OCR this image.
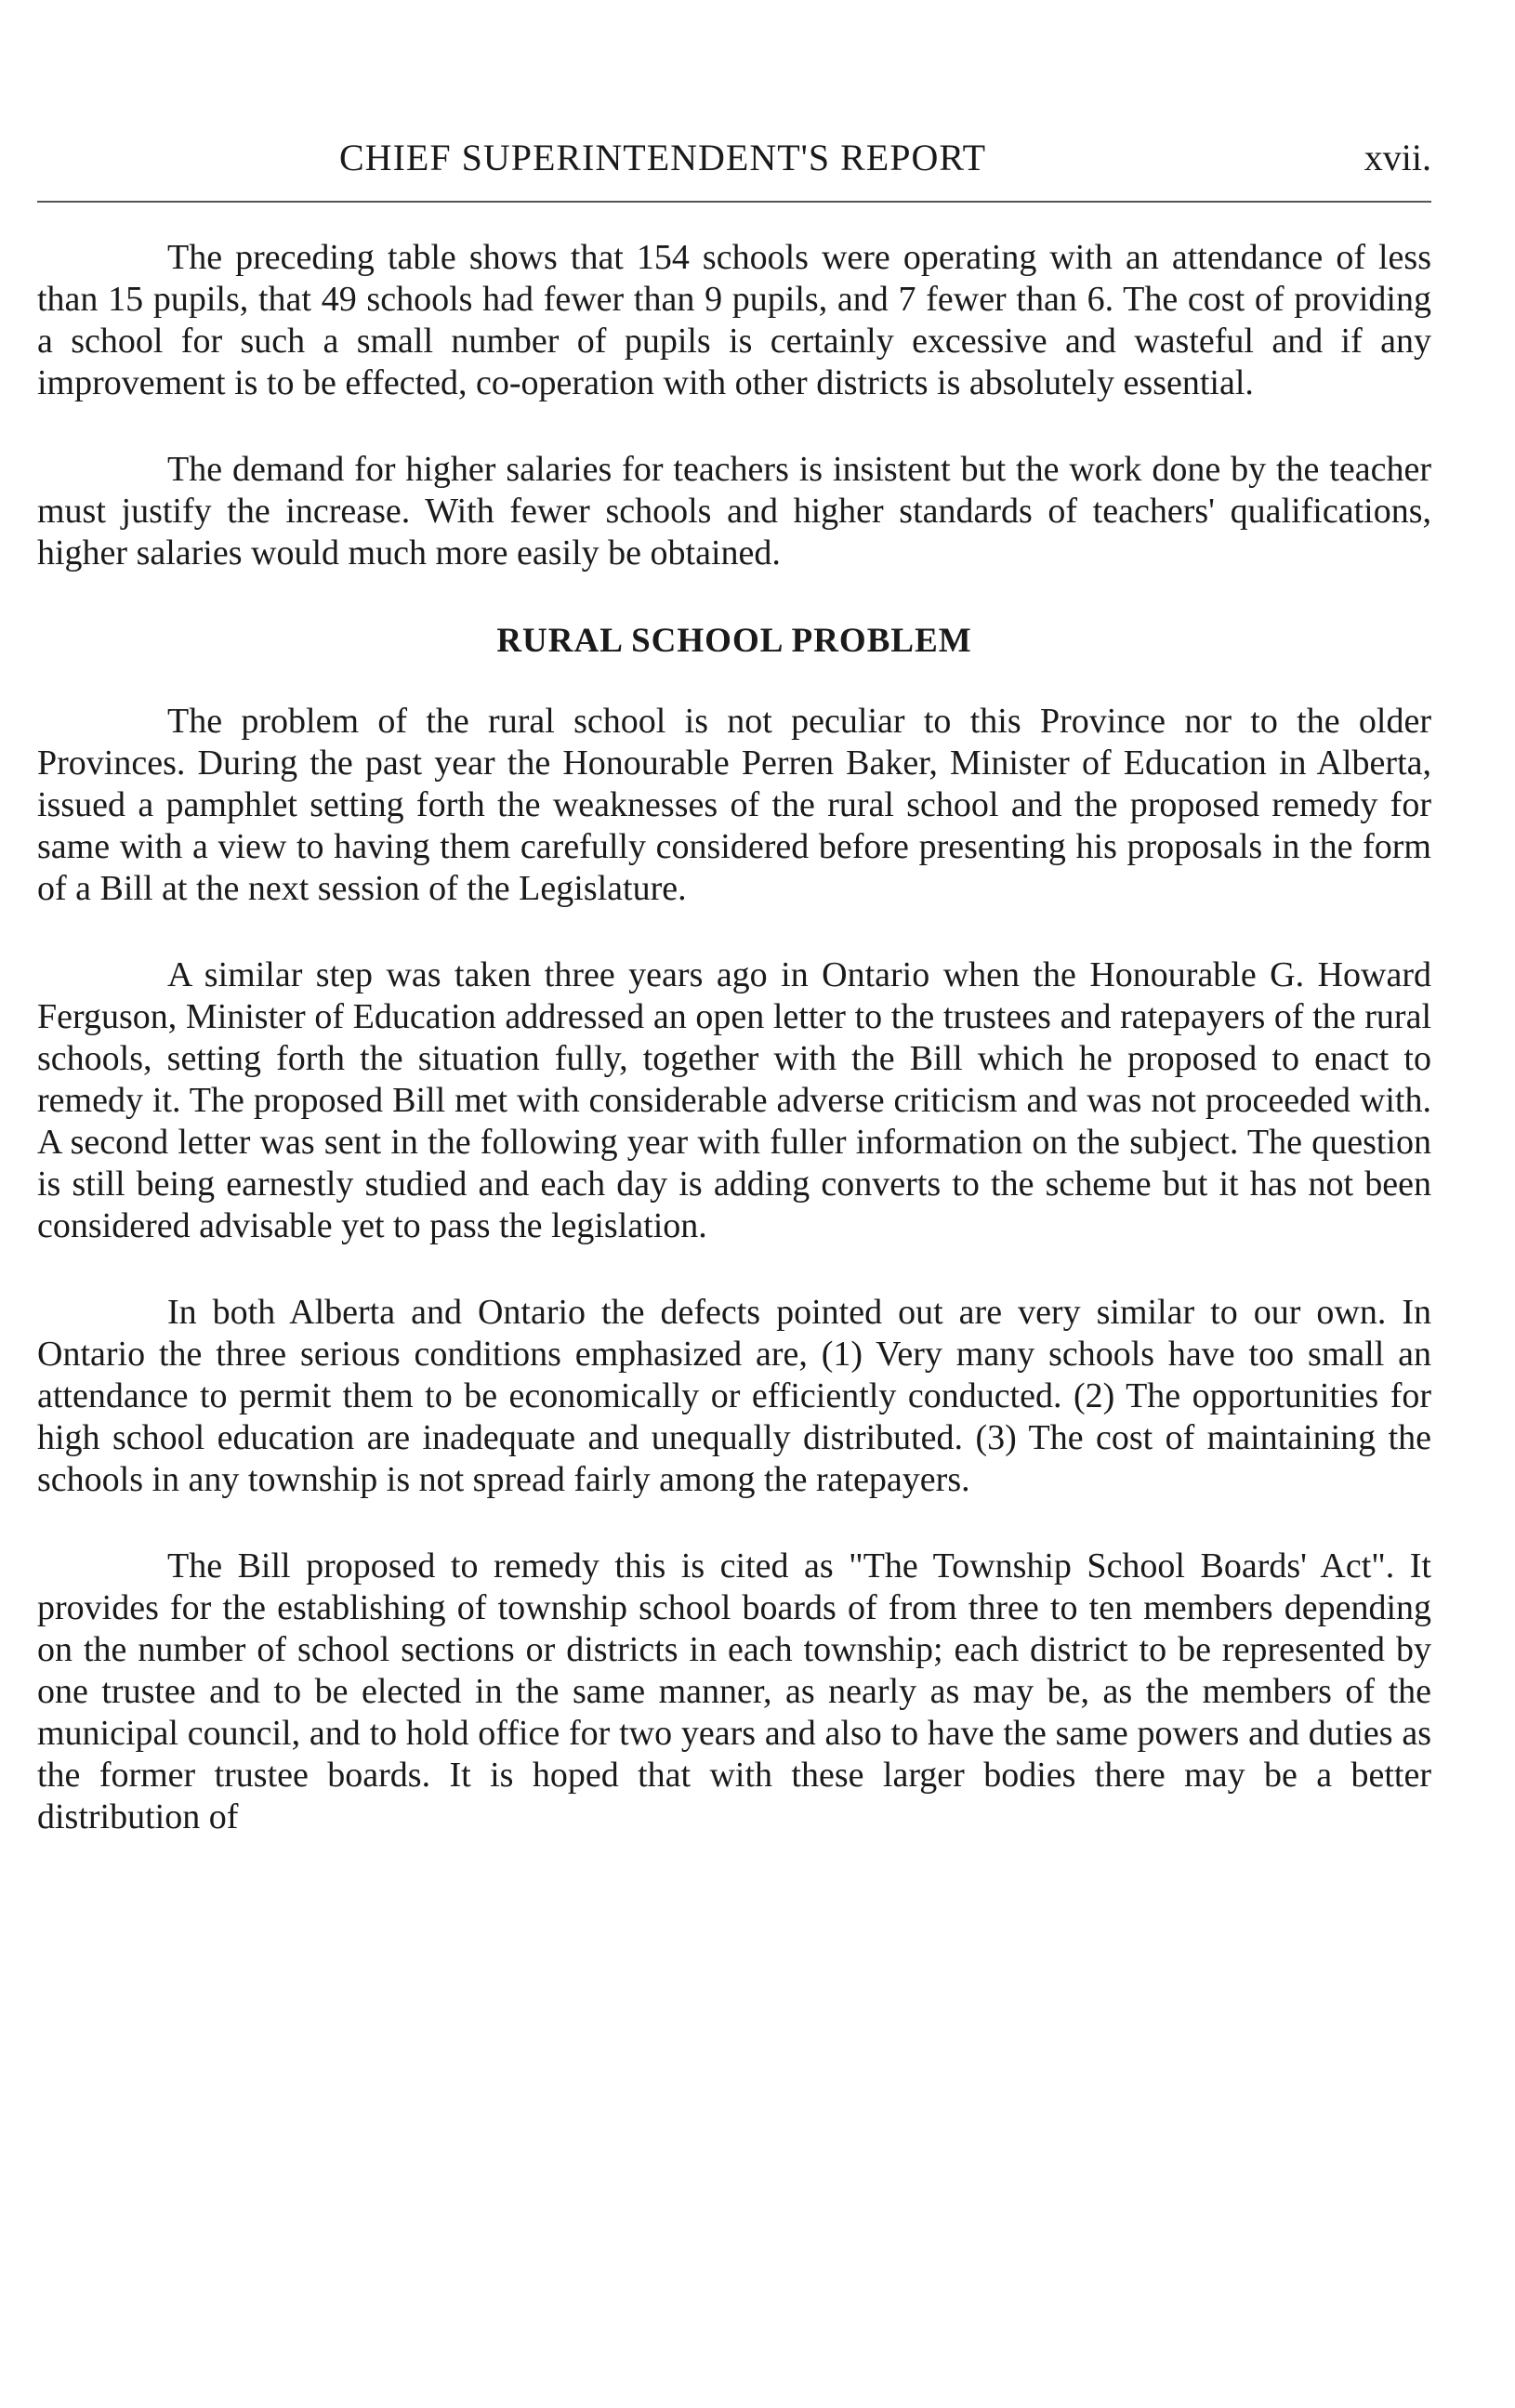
CHIEF SUPERINTENDENT'S REPORT	xvii.

The preceding table shows that 154 schools were operating with an attendance of less than 15 pupils, that 49 schools had fewer than 9 pupils, and 7 fewer than 6. The cost of providing a school for such a small number of pupils is certainly excessive and wasteful and if any improvement is to be effected, co-operation with other districts is absolutely essential.

The demand for higher salaries for teachers is insistent but the work done by the teacher must justify the increase. With fewer schools and higher standards of teachers' qualifications, higher salaries would much more easily be obtained.

RURAL SCHOOL PROBLEM

The problem of the rural school is not peculiar to this Province nor to the older Provinces. During the past year the Honourable Perren Baker, Minister of Education in Alberta, issued a pamphlet setting forth the weaknesses of the rural school and the proposed remedy for same with a view to having them carefully considered before presenting his proposals in the form of a Bill at the next session of the Legislature.

A similar step was taken three years ago in Ontario when the Honourable G. Howard Ferguson, Minister of Education addressed an open letter to the trustees and ratepayers of the rural schools, setting forth the situation fully, together with the Bill which he proposed to enact to remedy it. The proposed Bill met with considerable adverse criticism and was not proceeded with. A second letter was sent in the following year with fuller information on the subject. The question is still being earnestly studied and each day is adding converts to the scheme but it has not been considered advisable yet to pass the legislation.

In both Alberta and Ontario the defects pointed out are very similar to our own. In Ontario the three serious conditions emphasized are, (1) Very many schools have too small an attendance to permit them to be economically or efficiently conducted. (2) The opportunities for high school education are inadequate and unequally distributed. (3) The cost of maintaining the schools in any township is not spread fairly among the ratepayers.

The Bill proposed to remedy this is cited as "The Township School Boards' Act". It provides for the establishing of township school boards of from three to ten members depending on the number of school sections or districts in each township; each district to be represented by one trustee and to be elected in the same manner, as nearly as may be, as the members of the municipal council, and to hold office for two years and also to have the same powers and duties as the former trustee boards. It is hoped that with these larger bodies there may be a better distribution of
